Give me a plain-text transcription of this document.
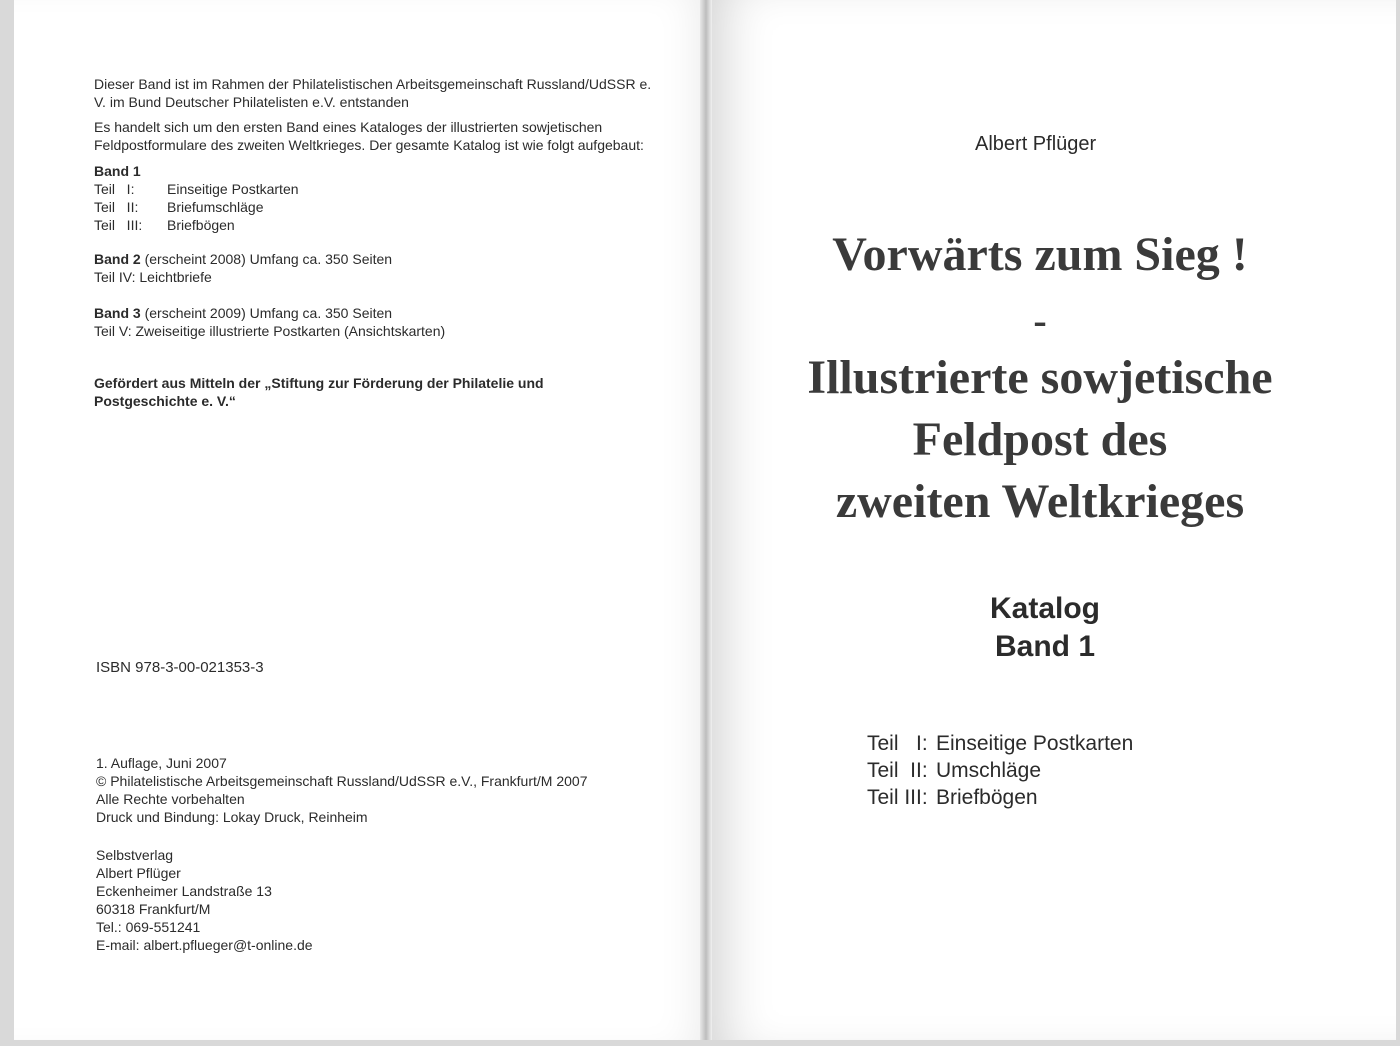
Dieser Band ist im Rahmen der Philatelistischen Arbeitsgemeinschaft Russland/UdSSR e. V. im Bund Deutscher Philatelisten e.V. entstanden

Es handelt sich um den ersten Band eines Kataloges der illustrierten sowjetischen Feldpostformulare des zweiten Weltkrieges. Der gesamte Katalog ist wie folgt aufgebaut:

Band 1
Teil   I:	Einseitige Postkarten
Teil   II:	Briefumschläge
Teil   III:	Briefbögen
Band 2 (erscheint 2008) Umfang ca. 350 Seiten
Teil IV: Leichtbriefe
Band 3 (erscheint 2009) Umfang ca. 350 Seiten
Teil V: Zweiseitige illustrierte Postkarten (Ansichtskarten)

Gefördert aus Mitteln der „Stiftung zur Förderung der Philatelie und Postgeschichte e. V.“

ISBN 978-3-00-021353-3
1. Auflage, Juni 2007
© Philatelistische Arbeitsgemeinschaft Russland/UdSSR e.V., Frankfurt/M 2007
Alle Rechte vorbehalten
Druck und Bindung: Lokay Druck, Reinheim
Selbstverlag
Albert Pflüger
Eckenheimer Landstraße 13
60318 Frankfurt/M
Tel.: 069-551241
E-mail: albert.pflueger@t-online.de
Albert Pflüger
Vorwärts zum Sieg !
-
Illustrierte sowjetische
Feldpost des
zweiten Weltkrieges
Katalog
Band 1
Teil   I: Einseitige Postkarten
Teil  II: Umschläge
Teil III: Briefbögen
